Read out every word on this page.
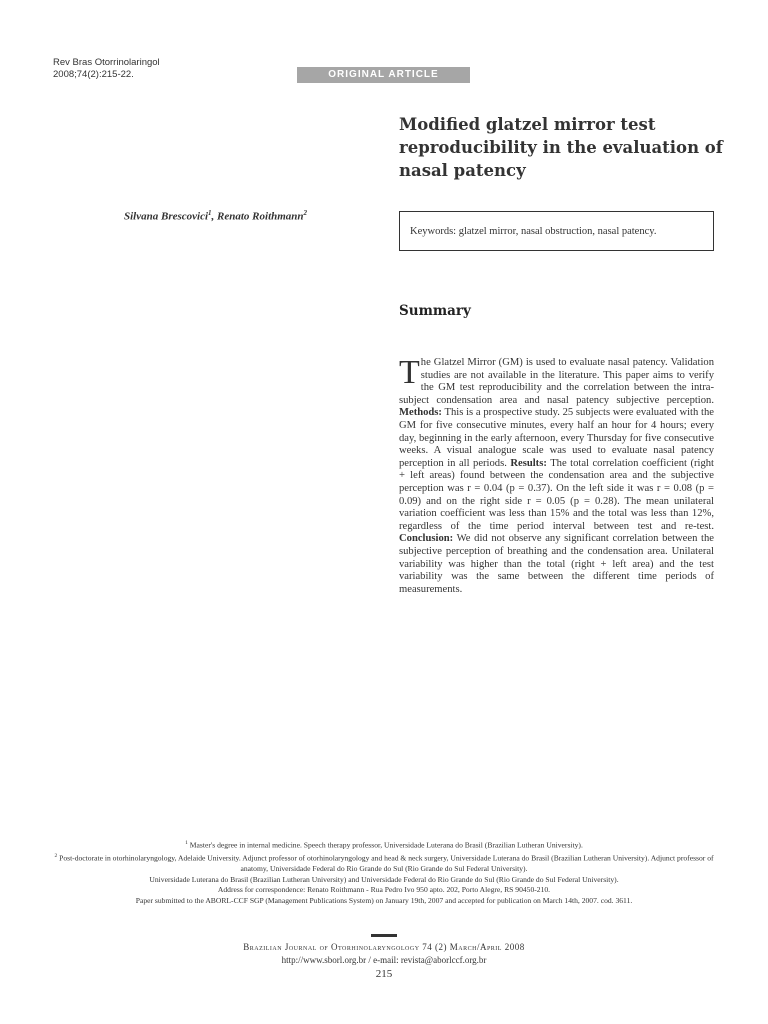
Rev Bras Otorrinolaringol
2008;74(2):215-22.	ORIGINAL ARTICLE
Modified glatzel mirror test reproducibility in the evaluation of nasal patency
Silvana Brescovici$^1$, Renato Roithmann$^2$
Keywords: glatzel mirror, nasal obstruction, nasal patency.
Summary
The Glatzel Mirror (GM) is used to evaluate nasal patency. Validation studies are not available in the literature. This paper aims to verify the GM test reproducibility and the correlation between the intra-subject condensation area and nasal patency subjective perception. Methods: This is a prospective study. 25 subjects were evaluated with the GM for five consecutive minutes, every half an hour for 4 hours; every day, beginning in the early afternoon, every Thursday for five consecutive weeks. A visual analogue scale was used to evaluate nasal patency perception in all periods. Results: The total correlation coefficient (right + left areas) found between the condensation area and the subjective perception was r = 0.04 (p = 0.37). On the left side it was r = 0.08 (p = 0.09) and on the right side r = 0.05 (p = 0.28). The mean unilateral variation coefficient was less than 15% and the total was less than 12%, regardless of the time period interval between test and re-test. Conclusion: We did not observe any significant correlation between the subjective perception of breathing and the condensation area. Unilateral variability was higher than the total (right + left area) and the test variability was the same between the different time periods of measurements.
$^1$ Master's degree in internal medicine. Speech therapy professor, Universidade Luterana do Brasil (Brazilian Lutheran University).
$^2$ Post-doctorate in otorhinolaryngology, Adelaide University. Adjunct professor of otorhinolaryngology and head & neck surgery, Universidade Luterana do Brasil (Brazilian Lutheran University). Adjunct professor of anatomy, Universidade Federal do Rio Grande do Sul (Rio Grande do Sul Federal University).
Universidade Luterana do Brasil (Brazilian Lutheran University) and Universidade Federal do Rio Grande do Sul (Rio Grande do Sul Federal University).
Address for correspondence: Renato Roithmann - Rua Pedro Ivo 950 apto. 202, Porto Alegre, RS 90450-210.
Paper submitted to the ABORL-CCF SGP (Management Publications System) on January 19th, 2007 and accepted for publication on March 14th, 2007. cod. 3611.
Brazilian Journal of Otorhinolaryngology 74 (2) March/April 2008
http://www.sborl.org.br / e-mail: revista@aborlccf.org.br
215
